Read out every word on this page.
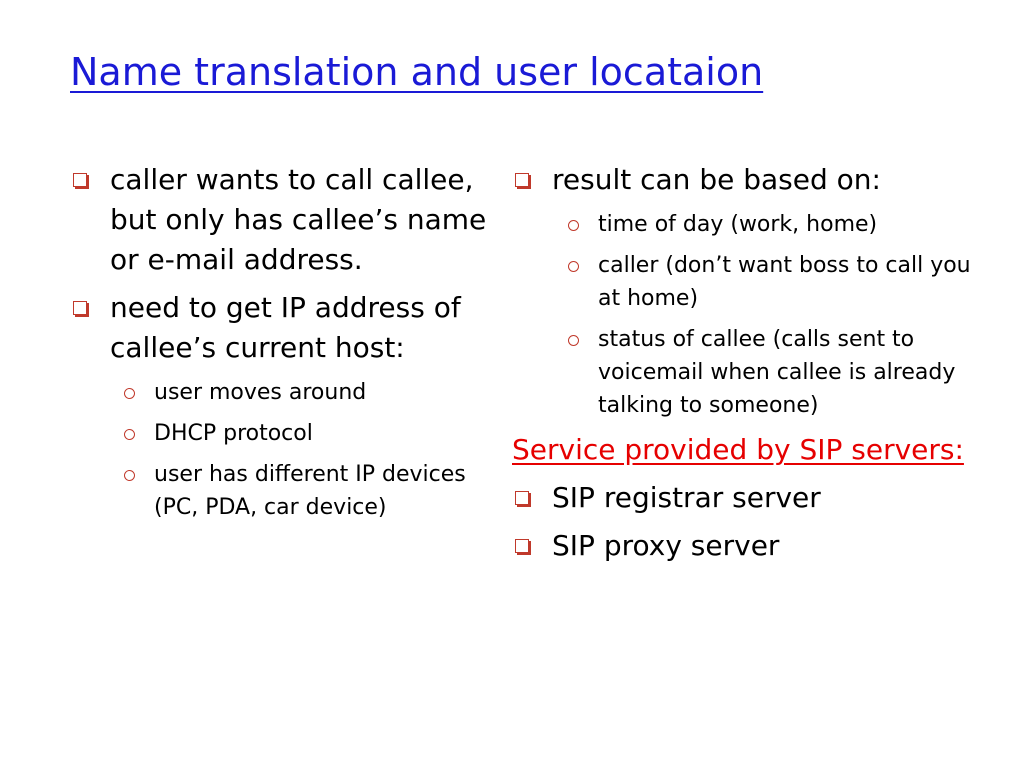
Name translation and user locataion
caller wants to call callee, but only has callee’s name or e-mail address.
need to get IP address of callee’s current host:
user moves around
DHCP protocol
user has different IP devices (PC, PDA, car device)
result can be based on:
time of day (work, home)
caller (don’t want boss to call you at home)
status of callee (calls sent to voicemail when callee is already talking to someone)
Service provided by SIP servers:
SIP registrar server
SIP proxy server
